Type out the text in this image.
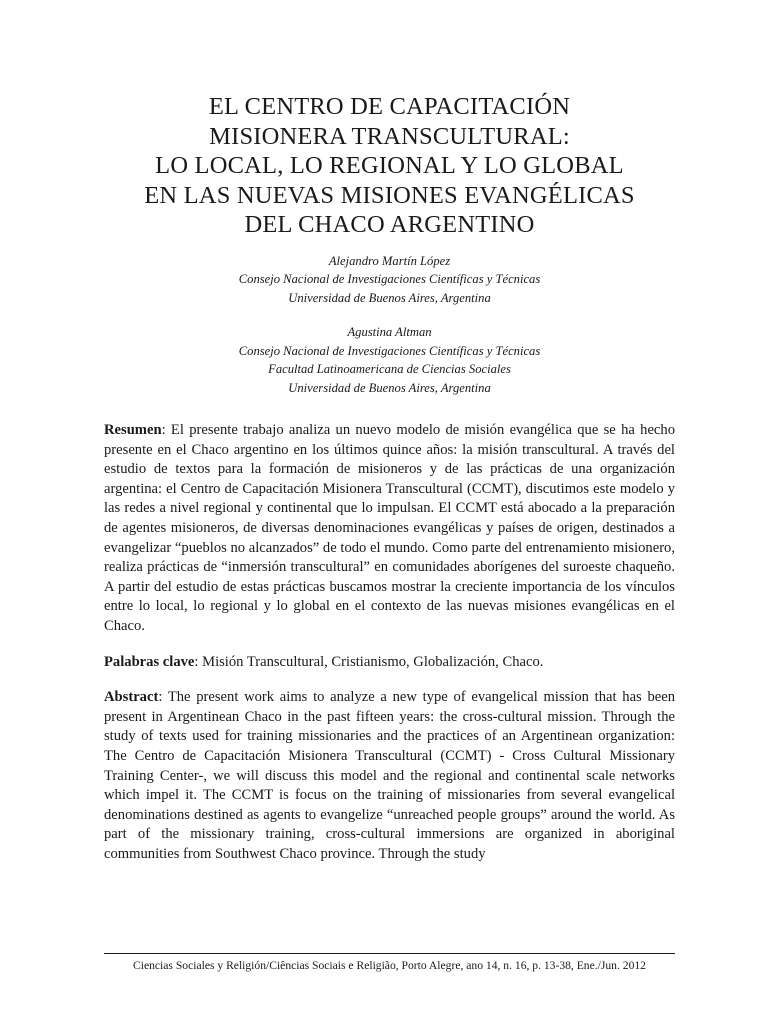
EL CENTRO DE CAPACITACIÓN
MISIONERA TRANSCULTURAL:
LO LOCAL, LO REGIONAL Y LO GLOBAL
EN LAS NUEVAS MISIONES EVANGÉLICAS
DEL CHACO ARGENTINO
Alejandro Martín López
Consejo Nacional de Investigaciones Científicas y Técnicas
Universidad de Buenos Aires, Argentina
Agustina Altman
Consejo Nacional de Investigaciones Científicas y Técnicas
Facultad Latinoamericana de Ciencias Sociales
Universidad de Buenos Aires, Argentina

Resumen: El presente trabajo analiza un nuevo modelo de misión evangélica que se ha hecho presente en el Chaco argentino en los últimos quince años: la misión transcultural. A través del estudio de textos para la formación de misioneros y de las prácticas de una organización argentina: el Centro de Capacitación Misionera Transcultural (CCMT), discutimos este modelo y las redes a nivel regional y continental que lo impulsan. El CCMT está abocado a la preparación de agentes misioneros, de diversas denominaciones evangélicas y países de origen, destinados a evangelizar “pueblos no alcanzados” de todo el mundo. Como parte del entrenamiento misionero, realiza prácticas de “inmersión transcultural” en comunidades aborígenes del suroeste chaqueño. A partir del estudio de estas prácticas buscamos mostrar la creciente importancia de los vínculos entre lo local, lo regional y lo global en el contexto de las nuevas misiones evangélicas en el Chaco.

Palabras clave: Misión Transcultural, Cristianismo, Globalización, Chaco.

Abstract: The present work aims to analyze a new type of evangelical mission that has been present in Argentinean Chaco in the past fifteen years: the cross-cultural mission. Through the study of texts used for training missionaries and the practices of an Argentinean organization: The Centro de Capacitación Misionera Transcultural (CCMT) - Cross Cultural Missionary Training Center-, we will discuss this model and the regional and continental scale networks which impel it. The CCMT is focus on the training of missionaries from several evangelical denominations destined as agents to evangelize “unreached people groups” around the world. As part of the missionary training, cross-cultural immersions are organized in aboriginal communities from Southwest Chaco province. Through the study

Ciencias Sociales y Religión/Ciências Sociais e Religião, Porto Alegre, ano 14, n. 16, p. 13-38, Ene./Jun. 2012
